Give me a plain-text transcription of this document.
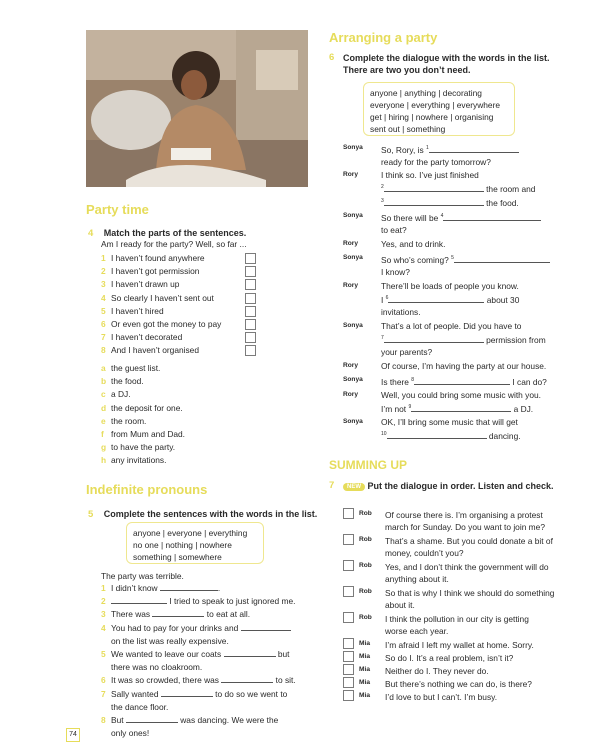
Party time
4 Match the parts of the sentences.
Am I ready for the party? Well, so far ...
1 I haven’t found anywhere
2 I haven’t got permission
3 I haven’t drawn up
4 So clearly I haven’t sent out
5 I haven’t hired
6 Or even got the money to pay
7 I haven’t decorated
8 And I haven’t organised
a the guest list.
b the food.
c a DJ.
d the deposit for one.
e the room.
f from Mum and Dad.
g to have the party.
h any invitations.
Indefinite pronouns
5 Complete the sentences with the words in the list.
anyone | everyone | everything
no one | nothing | nowhere
something | somewhere
The party was terrible.
1 I didn’t know	.
2	I tried to speak to just ignored me.
3 There was	to eat at all.
4 You had to pay for your drinks and
on the list was really expensive.
5 We wanted to leave our coats	but
there was no cloakroom.
6 It was so crowded, there was	to sit.
7 Sally wanted	to do so we went to
the dance floor.
8 But	was dancing. We were the
only ones!
74
Arranging a party
6 Complete the dialogue with the words in the list. There are two you don’t need.
anyone | anything | decorating
everyone | everything | everywhere
get | hiring | nowhere | organising
sent out | something
Sonya So, Rory, is $^1$
ready for the party tomorrow?
Rory	I think so. I’ve just finished
$^2$	the room and
$^3$	the food.
Sonya So there will be $^4$
to eat?
Rory	Yes, and to drink.
Sonya So who’s coming? $^5$
I know?
Rory	There’ll be loads of people you know.
I $^6$	about 30
invitations.
Sonya That’s a lot of people. Did you have to
$^7$	permission from
your parents?
Rory	Of course, I’m having the party at our house.
Sonya Is there $^8$	I can do?
Rory	Well, you could bring some music with you.
I’m not $^9$	a DJ.
Sonya OK, I’ll bring some music that will get
$^{10}$	dancing.
SUMMING UP
7	NEW Put the dialogue in order. Listen and check.
Rob Of course there is. I’m organising a protest
march for Sunday. Do you want to join me?
Rob That’s a shame. But you could donate a bit of
money, couldn’t you?
Rob Yes, and I don’t think the government will do
anything about it.
Rob So that is why I think we should do something
about it.
Rob I think the pollution in our city is getting
worse each year.
Mia I’m afraid I left my wallet at home. Sorry.
Mia So do I. It’s a real problem, isn’t it?
Mia Neither do I. They never do.
Mia But there’s nothing we can do, is there?
Mia I’d love to but I can’t. I’m busy.
